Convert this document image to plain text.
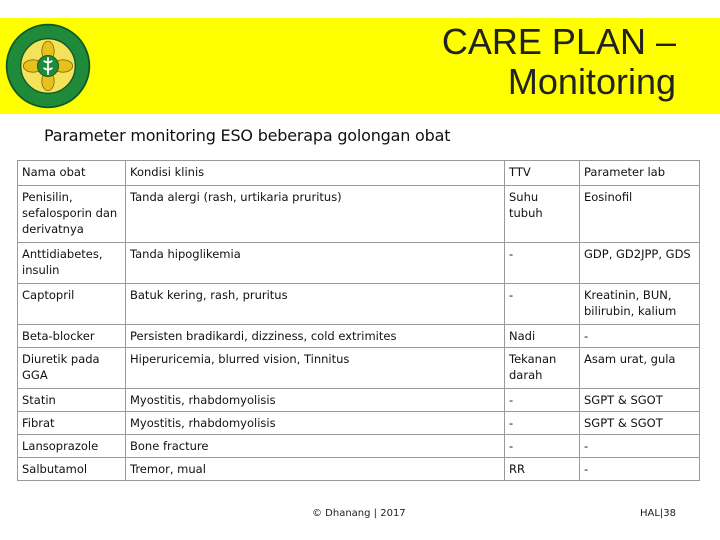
CARE PLAN –
Monitoring
Parameter monitoring ESO beberapa golongan obat
Nama obat	Kondisi klinis	TTV	Parameter lab
Penisilin, sefalosporin dan derivatnya	Tanda alergi (rash, urtikaria pruritus)	Suhu tubuh	Eosinofil
Anttidiabetes, insulin	Tanda hipoglikemia	-	GDP, GD2JPP, GDS
Captopril	Batuk kering, rash, pruritus	-	Kreatinin, BUN, bilirubin, kalium
Beta-blocker	Persisten bradikardi, dizziness, cold extrimites	Nadi	-
Diuretik pada GGA	Hiperuricemia, blurred vision, Tinnitus	Tekanan darah	Asam urat, gula
Statin	Myostitis, rhabdomyolisis	-	SGPT & SGOT
Fibrat	Myostitis, rhabdomyolisis	-	SGPT & SGOT
Lansoprazole	Bone fracture	-	-
Salbutamol	Tremor, mual	RR	-
© Dhanang | 2017	HAL|38
